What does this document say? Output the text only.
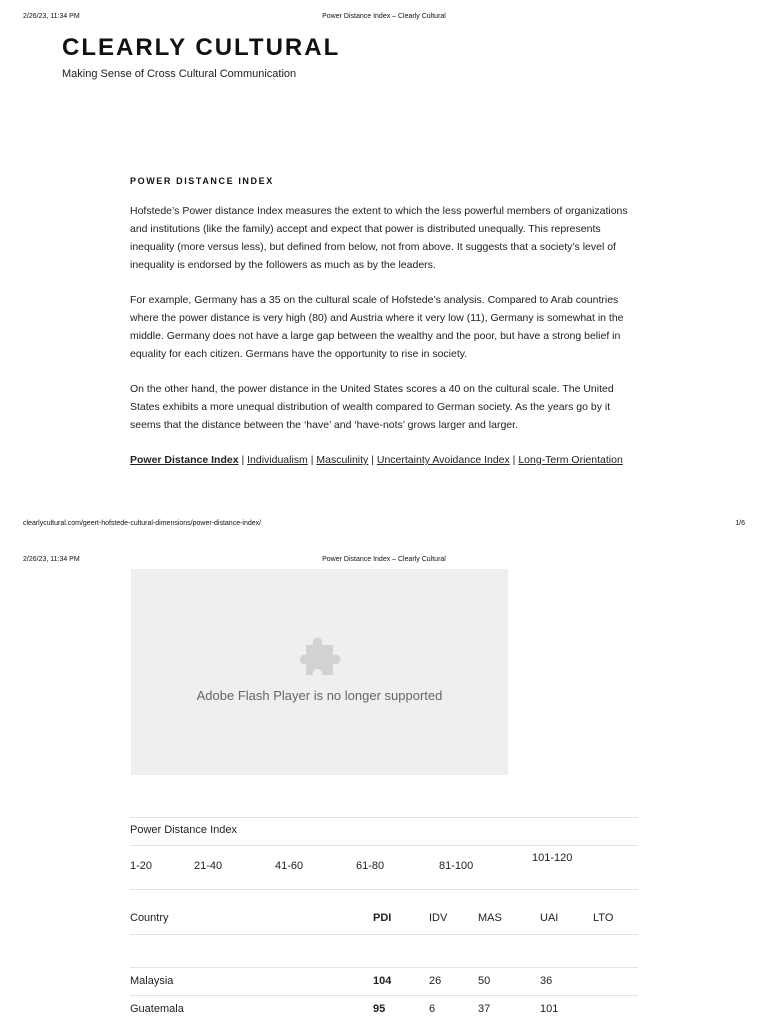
2/26/23, 11:34 PM	Power Distance Index – Clearly Cultural
CLEARLY CULTURAL
Making Sense of Cross Cultural Communication
POWER DISTANCE INDEX

Hofstede’s Power distance Index measures the extent to which the less powerful members of organizations and institutions (like the family) accept and expect that power is distributed unequally. This represents inequality (more versus less), but defined from below, not from above. It suggests that a society’s level of inequality is endorsed by the followers as much as by the leaders.

For example, Germany has a 35 on the cultural scale of Hofstede’s analysis. Compared to Arab countries where the power distance is very high (80) and Austria where it very low (11), Germany is somewhat in the middle. Germany does not have a large gap between the wealthy and the poor, but have a strong belief in equality for each citizen. Germans have the opportunity to rise in society.

On the other hand, the power distance in the United States scores a 40 on the cultural scale. The United States exhibits a more unequal distribution of wealth compared to German society. As the years go by it seems that the distance between the ‘have’ and ‘have-nots’ grows larger and larger.

Power Distance Index | Individualism | Masculinity | Uncertainty Avoidance Index | Long-Term Orientation
clearlycultural.com/geert-hofstede-cultural-dimensions/power-distance-index/	1/6
2/26/23, 11:34 PM	Power Distance Index – Clearly Cultural
Adobe Flash Player is no longer supported
Power Distance Index
1-20	21-40	41-60	61-80	81-100
101-120
Country	PDI	IDV	MAS	UAI	LTO
Malaysia	104	26	50	36
Guatemala	95	6	37	101
